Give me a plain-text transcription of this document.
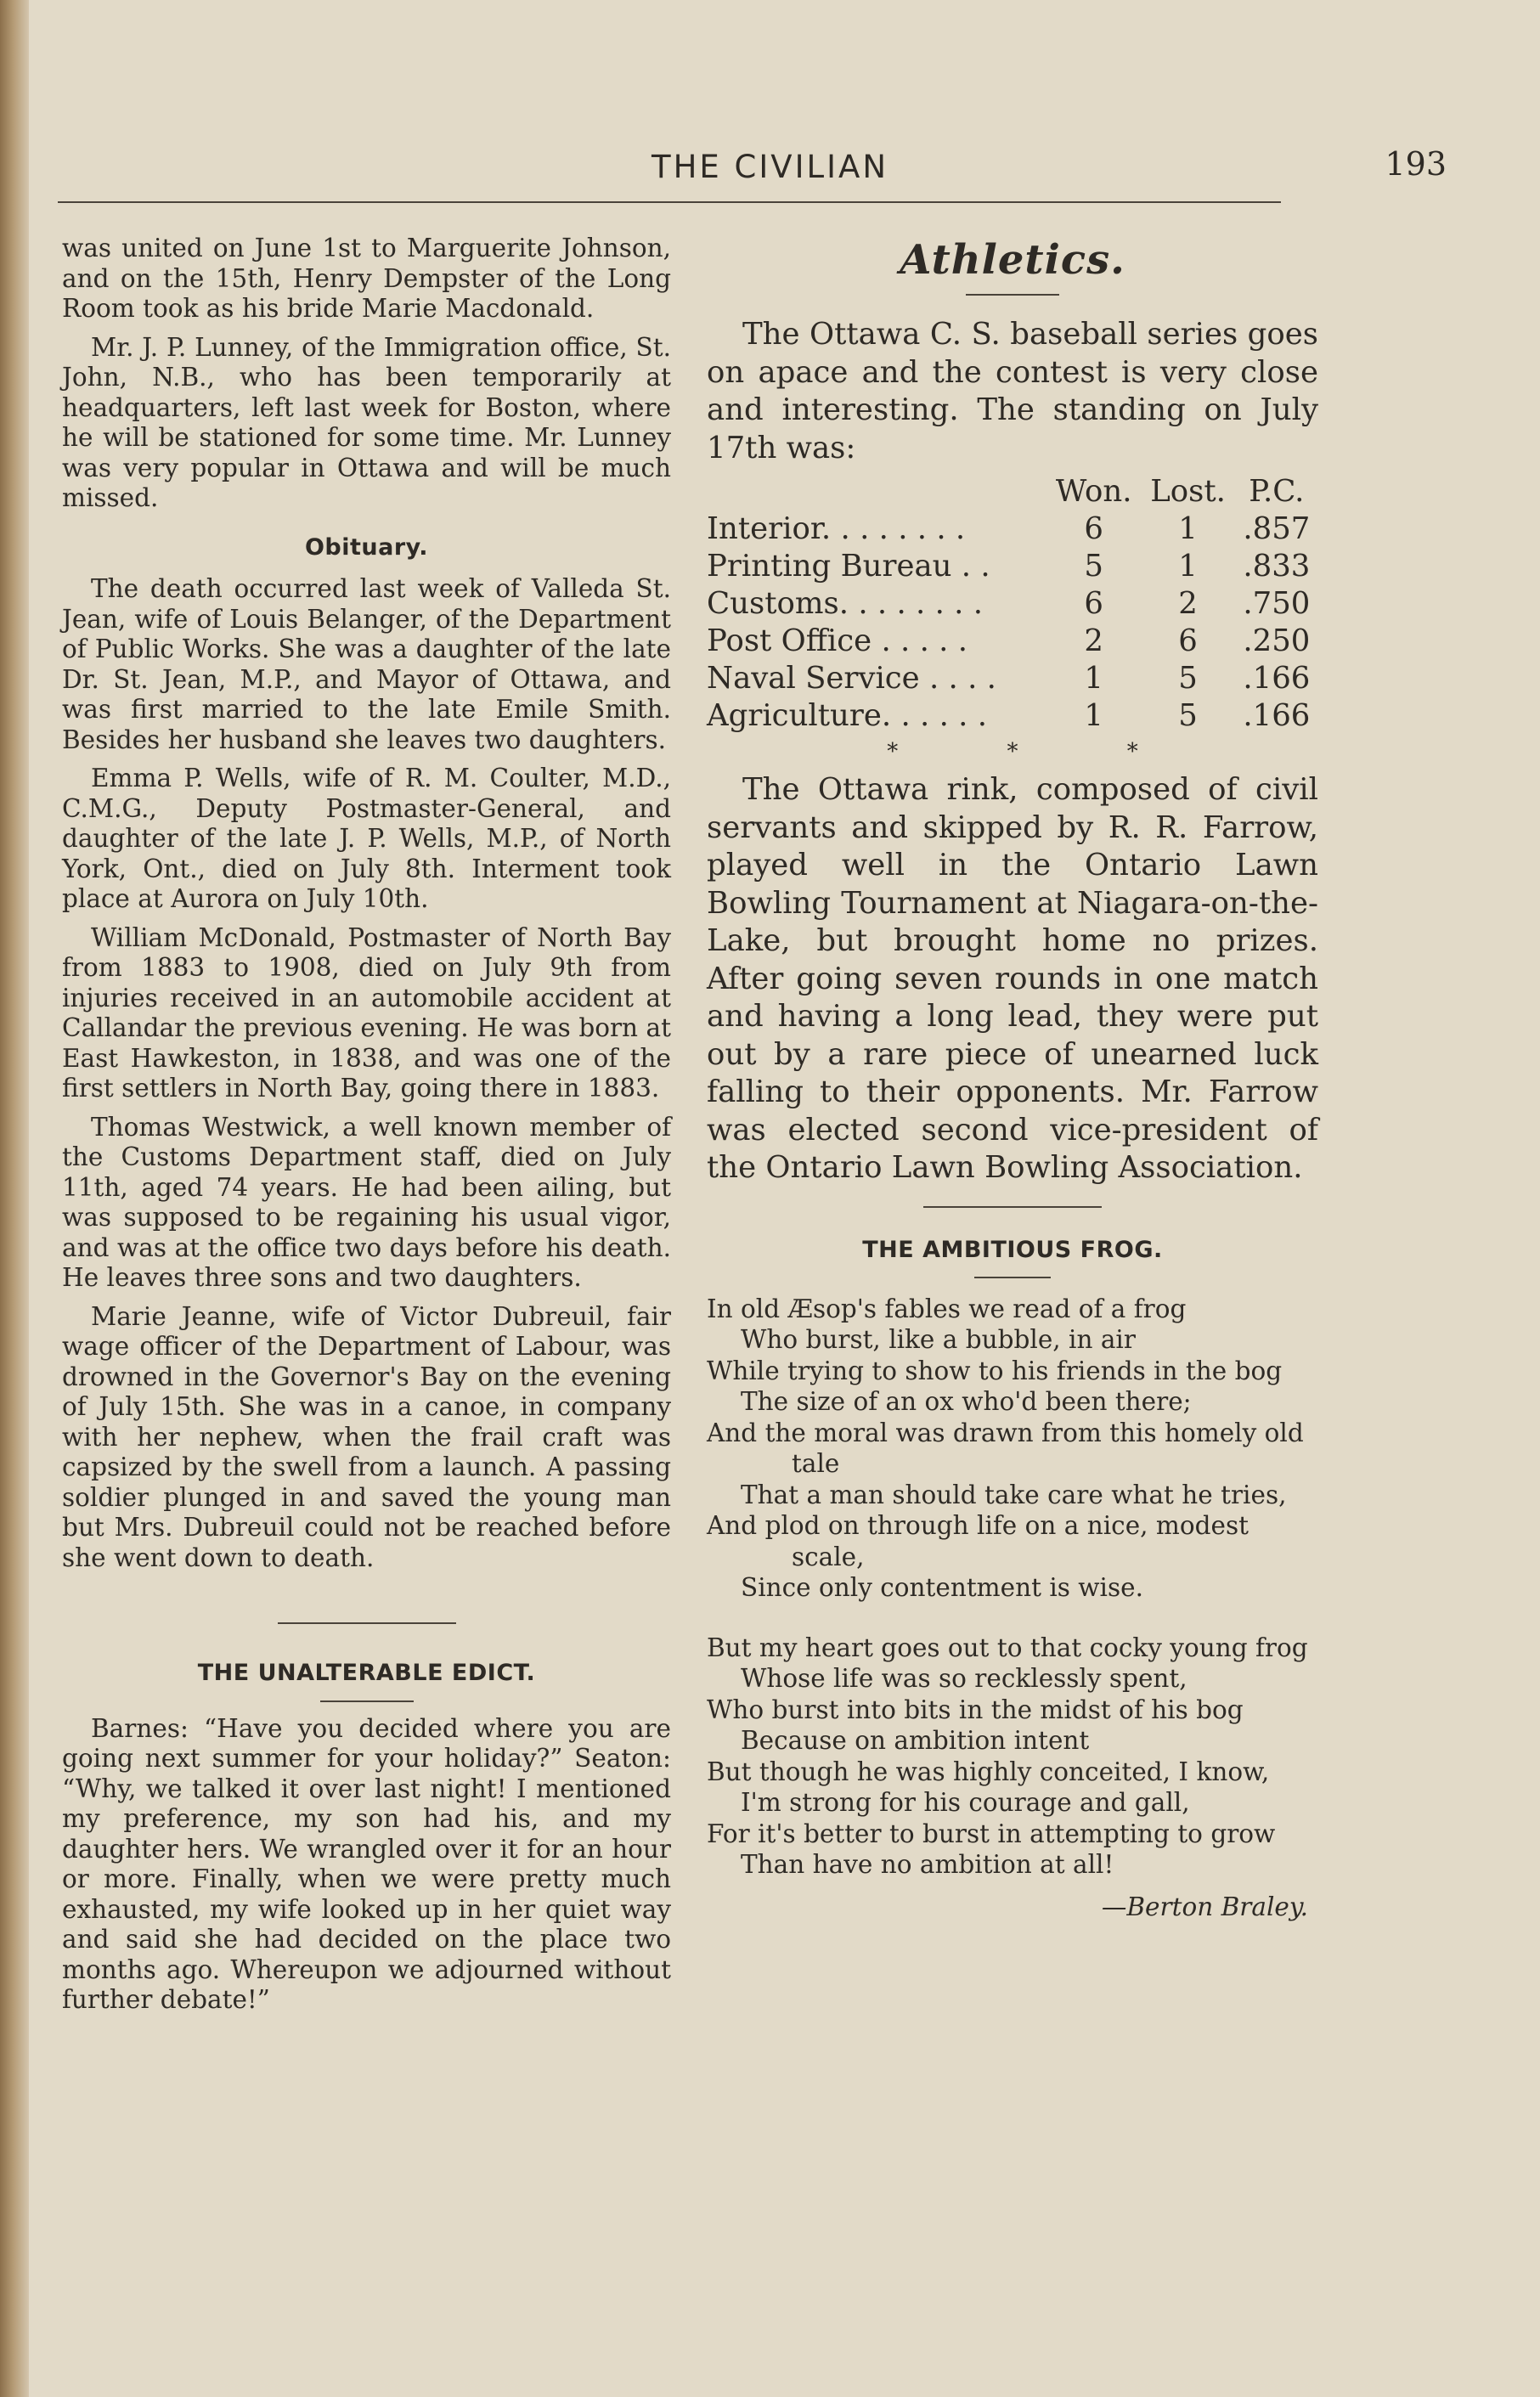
THE CIVILIAN	193

was united on June 1st to Marguerite Johnson, and on the 15th, Henry Dempster of the Long Room took as his bride Marie Macdonald.

Mr. J. P. Lunney, of the Immigration office, St. John, N.B., who has been temporarily at headquarters, left last week for Boston, where he will be stationed for some time. Mr. Lunney was very popular in Ottawa and will be much missed.

Obituary.

The death occurred last week of Valleda St. Jean, wife of Louis Belanger, of the Department of Public Works. She was a daughter of the late Dr. St. Jean, M.P., and Mayor of Ottawa, and was first married to the late Emile Smith. Besides her husband she leaves two daughters.

Emma P. Wells, wife of R. M. Coulter, M.D., C.M.G., Deputy Postmaster-General, and daughter of the late J. P. Wells, M.P., of North York, Ont., died on July 8th. Interment took place at Aurora on July 10th.

William McDonald, Postmaster of North Bay from 1883 to 1908, died on July 9th from injuries received in an automobile accident at Callandar the previous evening. He was born at East Hawkeston, in 1838, and was one of the first settlers in North Bay, going there in 1883.

Thomas Westwick, a well known member of the Customs Department staff, died on July 11th, aged 74 years. He had been ailing, but was supposed to be regaining his usual vigor, and was at the office two days before his death. He leaves three sons and two daughters.

Marie Jeanne, wife of Victor Dubreuil, fair wage officer of the Department of Labour, was drowned in the Governor's Bay on the evening of July 15th. She was in a canoe, in company with her nephew, when the frail craft was capsized by the swell from a launch. A passing soldier plunged in and saved the young man but Mrs. Dubreuil could not be reached before she went down to death.

THE UNALTERABLE EDICT.

Barnes: “Have you decided where you are going next summer for your holiday?” Seaton: “Why, we talked it over last night! I mentioned my preference, my son had his, and my daughter hers. We wrangled over it for an hour or more. Finally, when we were pretty much exhausted, my wife looked up in her quiet way and said she had decided on the place two months ago. Whereupon we adjourned without further debate!”

Athletics.

The Ottawa C. S. baseball series goes on apace and the contest is very close and interesting. The standing on July 17th was:

	Won.	Lost.	P.C.
Interior. . . . . . . .	6	1	.857
Printing Bureau . .	5	1	.833
Customs. . . . . . . .	6	2	.750
Post Office . . . . .	2	6	.250
Naval Service . . . .	1	5	.166
Agriculture. . . . . .	1	5	.166
* * *

The Ottawa rink, composed of civil servants and skipped by R. R. Farrow, played well in the Ontario Lawn Bowling Tournament at Niagara-on-the-Lake, but brought home no prizes. After going seven rounds in one match and having a long lead, they were put out by a rare piece of unearned luck falling to their opponents. Mr. Farrow was elected second vice-president of the Ontario Lawn Bowling Association.

THE AMBITIOUS FROG.
In old Æsop's fables we read of a frog
Who burst, like a bubble, in air
While trying to show to his friends in the bog
The size of an ox who'd been there;
And the moral was drawn from this homely old tale
That a man should take care what he tries,
And plod on through life on a nice, modest scale,
Since only contentment is wise.
But my heart goes out to that cocky young frog
Whose life was so recklessly spent,
Who burst into bits in the midst of his bog
Because on ambition intent
But though he was highly conceited, I know,
I'm strong for his courage and gall,
For it's better to burst in attempting to grow
Than have no ambition at all!
—Berton Braley.
